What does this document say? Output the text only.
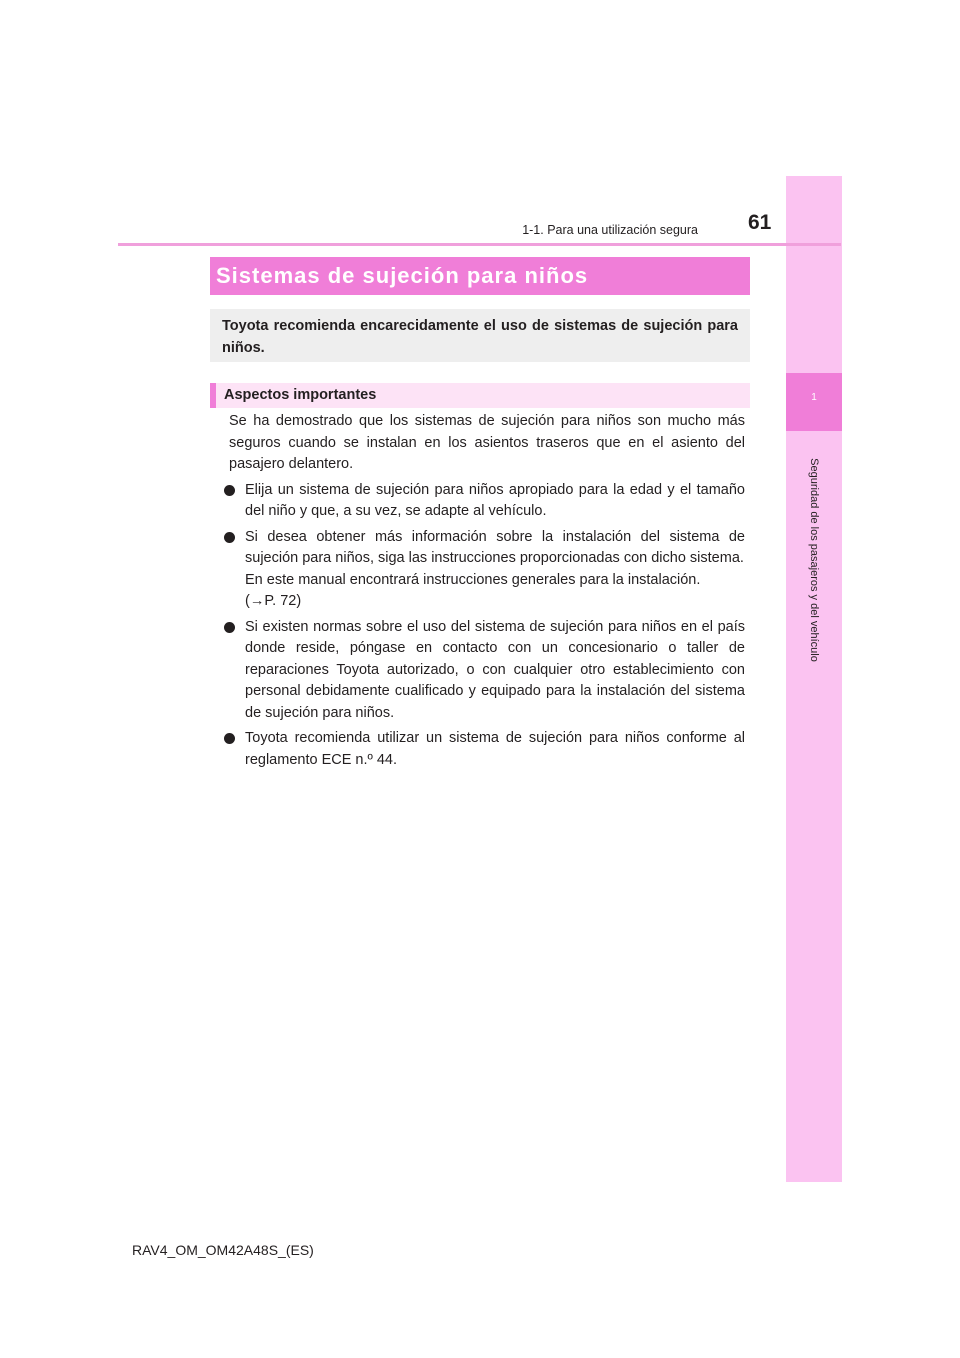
1
Seguridad de los pasajeros y del vehículo
1-1. Para una utilización segura 61
Sistemas de sujeción para niños
Toyota recomienda encarecidamente el uso de sistemas de sujeción para niños.
Aspectos importantes

Se ha demostrado que los sistemas de sujeción para niños son mucho más seguros cuando se instalan en los asientos traseros que en el asiento del pasajero delantero.

Elija un sistema de sujeción para niños apropiado para la edad y el tamaño del niño y que, a su vez, se adapte al vehículo.
Si desea obtener más información sobre la instalación del sistema de sujeción para niños, siga las instrucciones proporcionadas con dicho sistema.
En este manual encontrará instrucciones generales para la instalación.
(→P. 72)
Si existen normas sobre el uso del sistema de sujeción para niños en el país donde reside, póngase en contacto con un concesionario o taller de reparaciones Toyota autorizado, o con cualquier otro establecimiento con personal debidamente cualificado y equipado para la instalación del sistema de sujeción para niños.
Toyota recomienda utilizar un sistema de sujeción para niños conforme al reglamento ECE n.º 44.
RAV4_OM_OM42A48S_(ES)
